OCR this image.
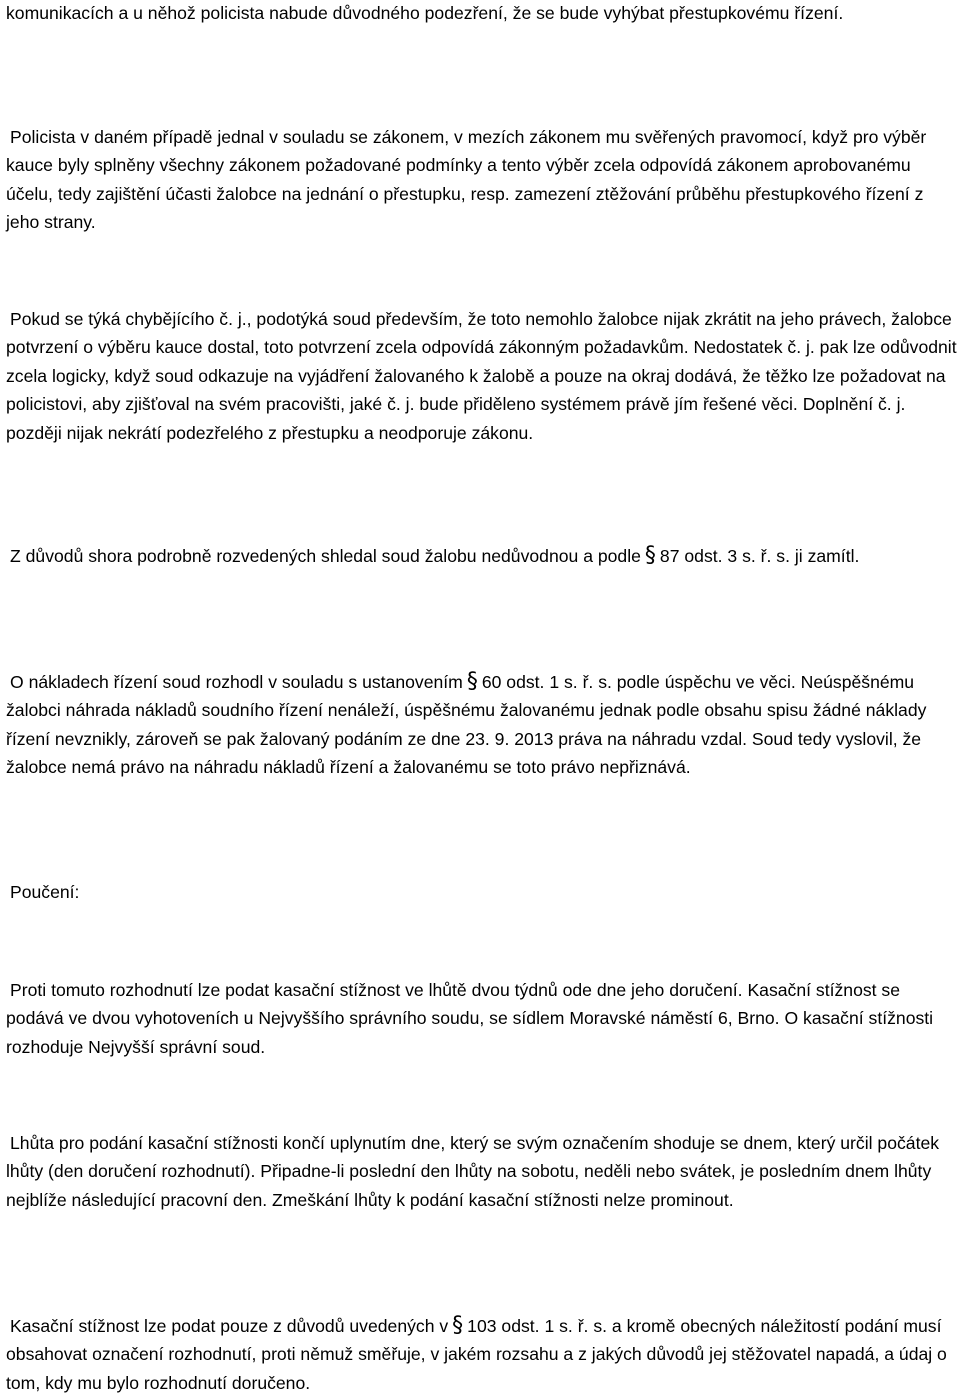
komunikacích a u něhož policista nabude důvodného podezření, že se bude vyhýbat přestupkovému řízení.

Policista v daném případě jednal v souladu se zákonem, v mezích zákonem mu svěřených pravomocí, když pro výběr kauce byly splněny všechny zákonem požadované podmínky a tento výběr zcela odpovídá zákonem aprobovanému účelu, tedy zajištění účasti žalobce na jednání o přestupku, resp. zamezení ztěžování průběhu přestupkového řízení z jeho strany.

Pokud se týká chybějícího č. j., podotýká soud především, že toto nemohlo žalobce nijak zkrátit na jeho právech, žalobce potvrzení o výběru kauce dostal, toto potvrzení zcela odpovídá zákonným požadavkům. Nedostatek č. j. pak lze odůvodnit zcela logicky, když soud odkazuje na vyjádření žalovaného k žalobě a pouze na okraj dodává, že těžko lze požadovat na policistovi, aby zjišťoval na svém pracovišti, jaké č. j. bude přiděleno systémem právě jím řešené věci. Doplnění č. j. později nijak nekrátí podezřelého z přestupku a neodporuje zákonu.

Z důvodů shora podrobně rozvedených shledal soud žalobu nedůvodnou a podle § 87 odst. 3 s. ř. s. ji zamítl.

O nákladech řízení soud rozhodl v souladu s ustanovením § 60 odst. 1 s. ř. s. podle úspěchu ve věci. Neúspěšnému žalobci náhrada nákladů soudního řízení nenáleží, úspěšnému žalovanému jednak podle obsahu spisu žádné náklady řízení nevznikly, zároveň se pak žalovaný podáním ze dne 23. 9. 2013 práva na náhradu vzdal. Soud tedy vyslovil, že žalobce nemá právo na náhradu nákladů řízení a žalovanému se toto právo nepřiznává.

Poučení:

Proti tomuto rozhodnutí lze podat kasační stížnost ve lhůtě dvou týdnů ode dne jeho doručení. Kasační stížnost se podává ve dvou vyhotoveních u Nejvyššího správního soudu, se sídlem Moravské náměstí 6, Brno. O kasační stížnosti rozhoduje Nejvyšší správní soud.

Lhůta pro podání kasační stížnosti končí uplynutím dne, který se svým označením shoduje se dnem, který určil počátek lhůty (den doručení rozhodnutí). Připadne-li poslední den lhůty na sobotu, neděli nebo svátek, je posledním dnem lhůty nejblíže následující pracovní den. Zmeškání lhůty k podání kasační stížnosti nelze prominout.

Kasační stížnost lze podat pouze z důvodů uvedených v § 103 odst. 1 s. ř. s. a kromě obecných náležitostí podání musí obsahovat označení rozhodnutí, proti němuž směřuje, v jakém rozsahu a z jakých důvodů jej stěžovatel napadá, a údaj o tom, kdy mu bylo rozhodnutí doručeno.
